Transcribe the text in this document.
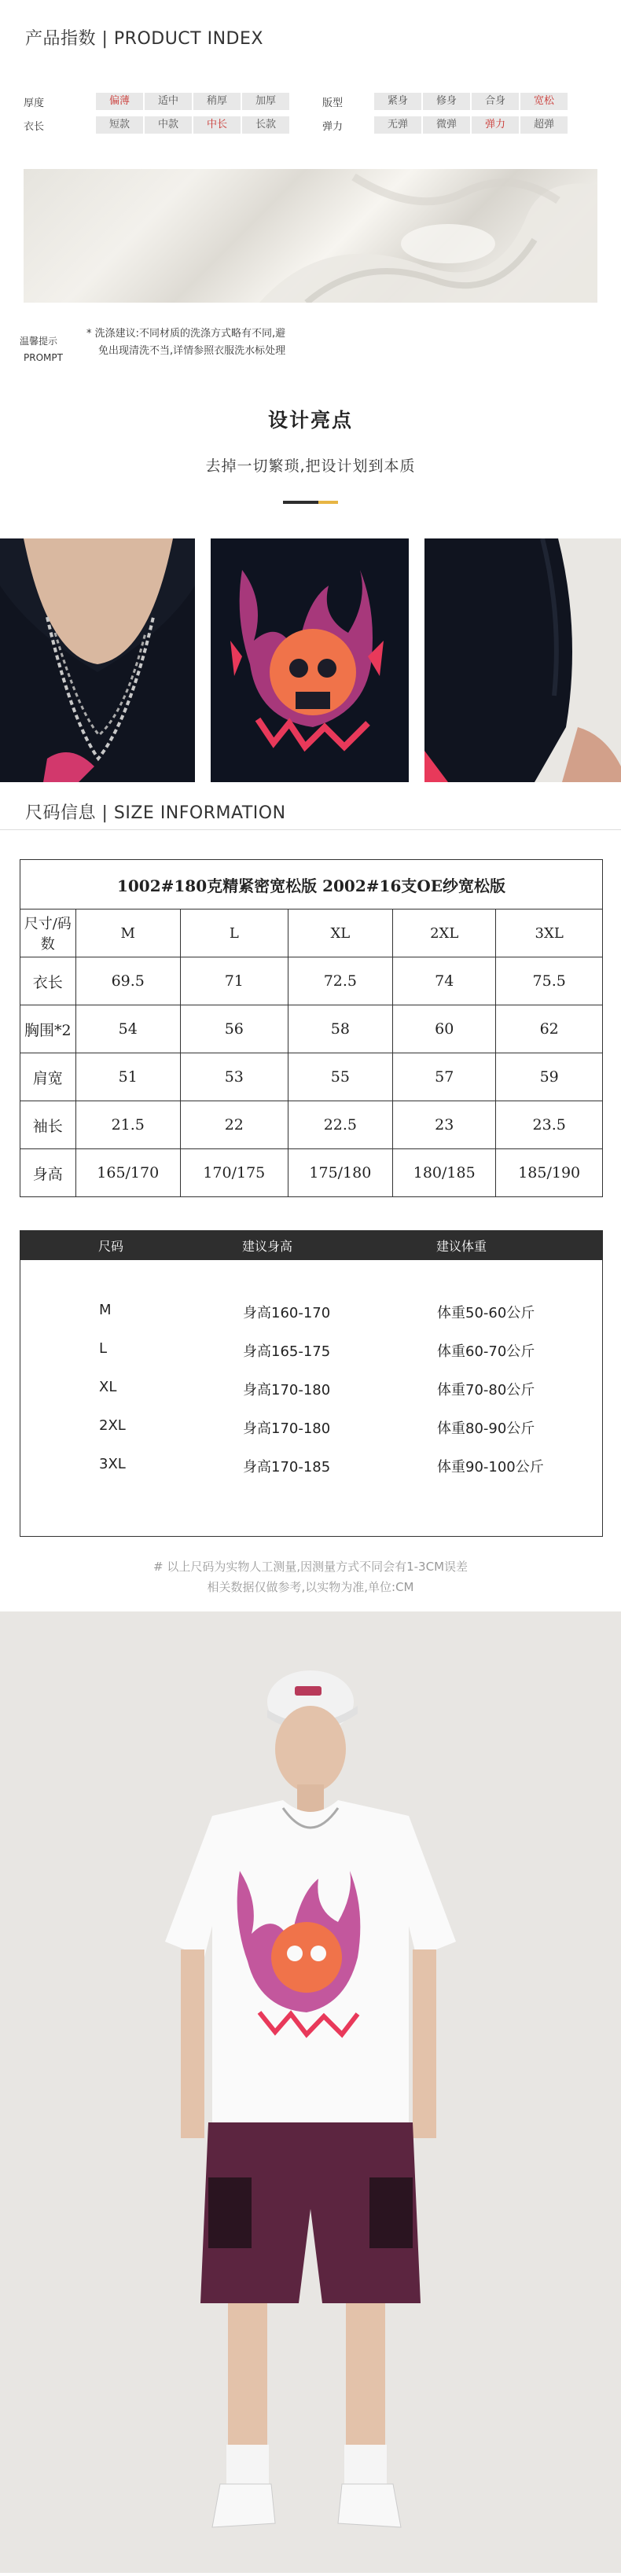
产品指数 | PRODUCT INDEX
厚度	偏薄	适中	稍厚	加厚
衣长	短款	中款	中长	长款
版型	紧身	修身	合身	宽松
弹力	无弹	微弹	弹力	超弹
温馨提示
PROMPT
* 洗涤建议:不同材质的洗涤方式略有不同,避
免出现清洗不当,详情参照衣服洗水标处理
设计亮点
去掉一切繁琐,把设计划到本质
尺码信息 | SIZE INFORMATION
1002#180克精紧密宽松版 2002#16支OE纱宽松版					
尺寸/码数	M	L	XL	2XL	3XL
衣长	69.5	71	72.5	74	75.5
胸围*2	54	56	58	60	62
肩宽	51	53	55	57	59
袖长	21.5	22	22.5	23	23.5
身高	165/170	170/175	175/180	180/185	185/190
尺码	建议身高	建议体重
M	身高160-170	体重50-60公斤
L	身高165-175	体重60-70公斤
XL	身高170-180	体重70-80公斤
2XL	身高170-180	体重80-90公斤
3XL	身高170-185	体重90-100公斤
# 以上尺码为实物人工测量,因测量方式不同会有1-3CM误差
相关数据仅做参考,以实物为准,单位:CM
